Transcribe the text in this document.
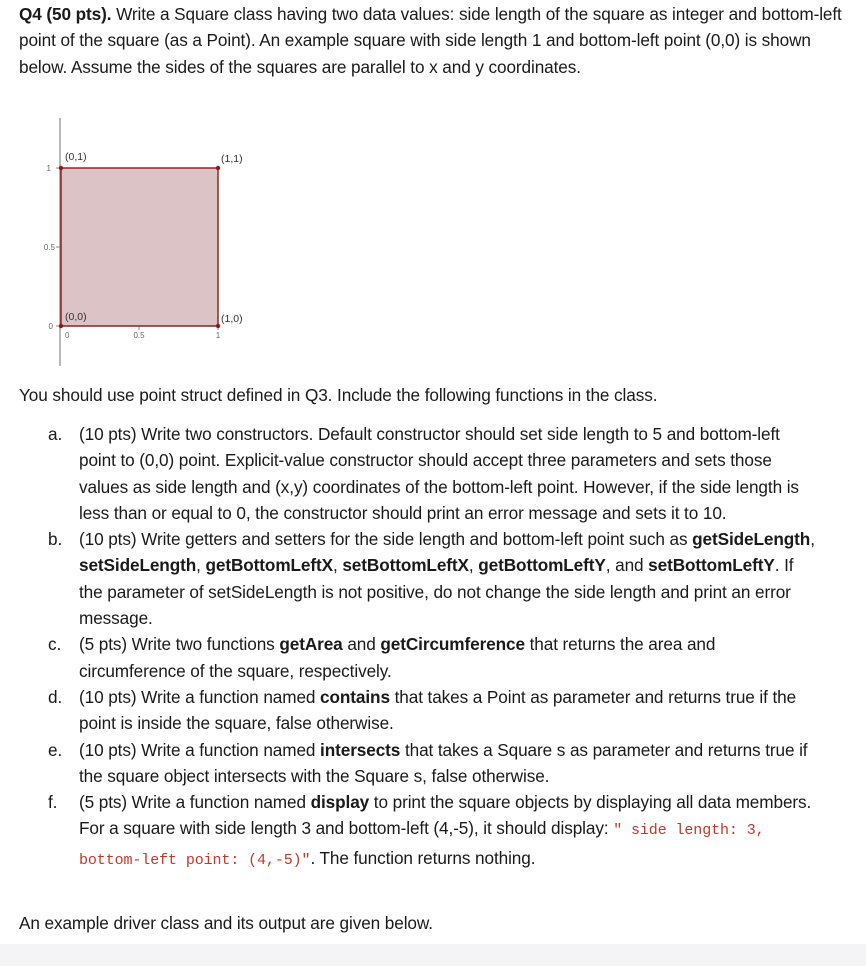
Q4 (50 pts). Write a Square class having two data values: side length of the square as integer and bottom-left point of the square (as a Point). An example square with side length 1 and bottom-left point (0,0) is shown below. Assume the sides of the squares are parallel to x and y coordinates.
(0,1)	(1,1)
(0,0)	(1,0)
1
0.5
0
0	0.5	1
You should use point struct defined in Q3. Include the following functions in the class.
a. (10 pts) Write two constructors. Default constructor should set side length to 5 and bottom-left point to (0,0) point. Explicit-value constructor should accept three parameters and sets those values as side length and (x,y) coordinates of the bottom-left point. However, if the side length is less than or equal to 0, the constructor should print an error message and sets it to 10.
b. (10 pts) Write getters and setters for the side length and bottom-left point such as getSideLength, setSideLength, getBottomLeftX, setBottomLeftX, getBottomLeftY, and setBottomLeftY. If the parameter of setSideLength is not positive, do not change the side length and print an error message.
c. (5 pts) Write two functions getArea and getCircumference that returns the area and circumference of the square, respectively.
d. (10 pts) Write a function named contains that takes a Point as parameter and returns true if the point is inside the square, false otherwise.
e. (10 pts) Write a function named intersects that takes a Square s as parameter and returns true if the square object intersects with the Square s, false otherwise.
f. (5 pts) Write a function named display to print the square objects by displaying all data members. For a square with side length 3 and bottom-left (4,-5), it should display: " side length: 3, bottom-left point: (4,-5)". The function returns nothing.
An example driver class and its output are given below.
